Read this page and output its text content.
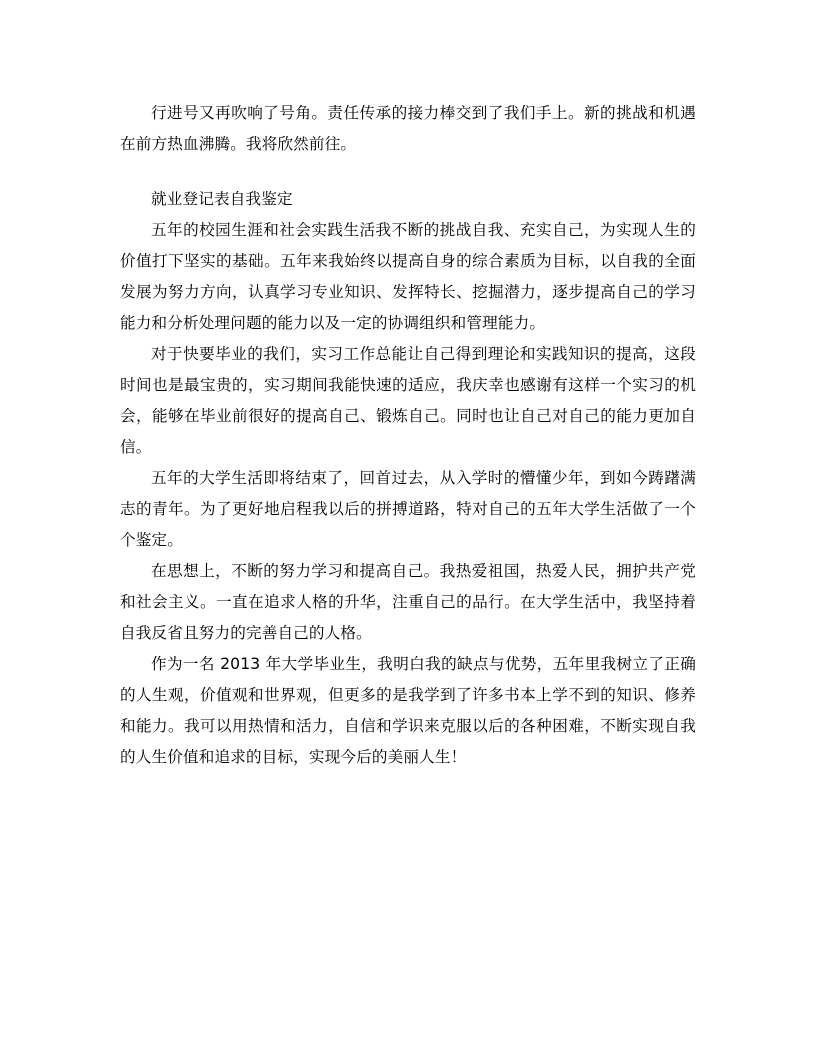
行进号又再吹响了号角。责任传承的接力棒交到了我们手上。新的挑战和机遇在前方热血沸腾。我将欣然前往。

就业登记表自我鉴定

五年的校园生涯和社会实践生活我不断的挑战自我、充实自己，为实现人生的价值打下坚实的基础。五年来我始终以提高自身的综合素质为目标，以自我的全面发展为努力方向，认真学习专业知识、发挥特长、挖掘潜力，逐步提高自己的学习能力和分析处理问题的能力以及一定的协调组织和管理能力。

对于快要毕业的我们，实习工作总能让自己得到理论和实践知识的提高，这段时间也是最宝贵的，实习期间我能快速的适应，我庆幸也感谢有这样一个实习的机会，能够在毕业前很好的提高自己、锻炼自己。同时也让自己对自己的能力更加自信。

五年的大学生活即将结束了，回首过去，从入学时的懵懂少年，到如今踌躇满志的青年。为了更好地启程我以后的拼搏道路，特对自己的五年大学生活做了一个个鉴定。

在思想上，不断的努力学习和提高自己。我热爱祖国，热爱人民，拥护共产党和社会主义。一直在追求人格的升华，注重自己的品行。在大学生活中，我坚持着自我反省且努力的完善自己的人格。

作为一名 2013 年大学毕业生，我明白我的缺点与优势，五年里我树立了正确的人生观，价值观和世界观，但更多的是我学到了许多书本上学不到的知识、修养和能力。我可以用热情和活力，自信和学识来克服以后的各种困难，不断实现自我的人生价值和追求的目标，实现今后的美丽人生！
